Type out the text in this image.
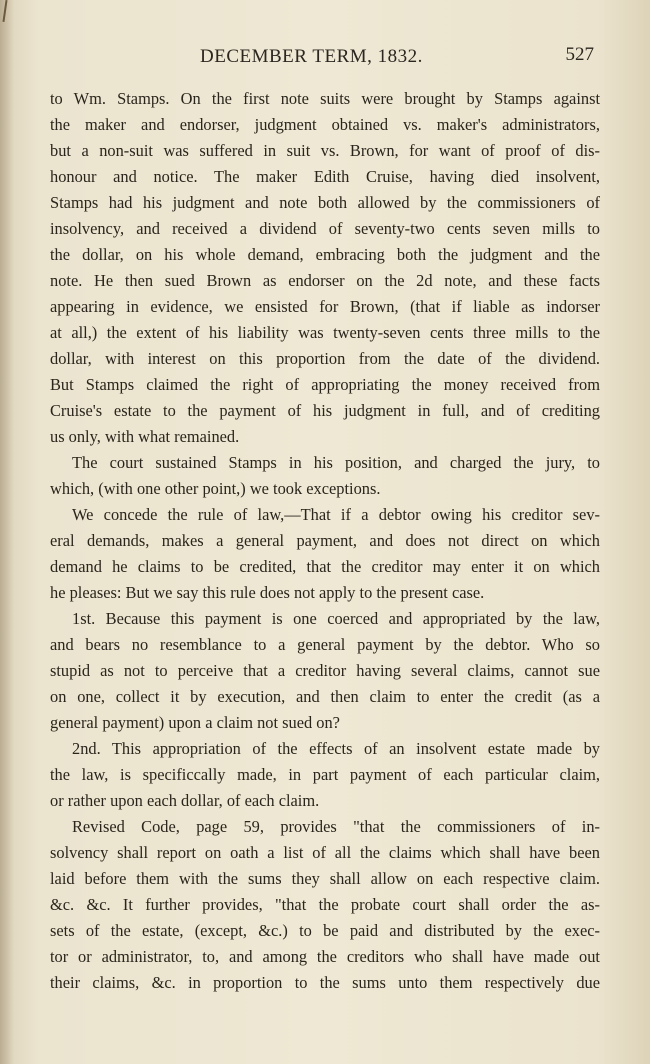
DECEMBER TERM, 1832.	527
to Wm. Stamps. On the first note suits were brought by Stamps against
the maker and endorser, judgment obtained vs. maker's administrators,
but a non-suit was suffered in suit vs. Brown, for want of proof of dis-
honour and notice. The maker Edith Cruise, having died insolvent,
Stamps had his judgment and note both allowed by the commissioners of
insolvency, and received a dividend of seventy-two cents seven mills to
the dollar, on his whole demand, embracing both the judgment and the
note. He then sued Brown as endorser on the 2d note, and these facts
appearing in evidence, we ensisted for Brown, (that if liable as indorser
at all,) the extent of his liability was twenty-seven cents three mills to the
dollar, with interest on this proportion from the date of the dividend.
But Stamps claimed the right of appropriating the money received from
Cruise's estate to the payment of his judgment in full, and of crediting
us only, with what remained.
The court sustained Stamps in his position, and charged the jury, to
which, (with one other point,) we took exceptions.
We concede the rule of law,—That if a debtor owing his creditor sev-
eral demands, makes a general payment, and does not direct on which
demand he claims to be credited, that the creditor may enter it on which
he pleases: But we say this rule does not apply to the present case.
1st. Because this payment is one coerced and appropriated by the law,
and bears no resemblance to a general payment by the debtor. Who so
stupid as not to perceive that a creditor having several claims, cannot sue
on one, collect it by execution, and then claim to enter the credit (as a
general payment) upon a claim not sued on?
2nd. This appropriation of the effects of an insolvent estate made by
the law, is specificcally made, in part payment of each particular claim,
or rather upon each dollar, of each claim.
Revised Code, page 59, provides "that the commissioners of in-
solvency shall report on oath a list of all the claims which shall have been
laid before them with the sums they shall allow on each respective claim.
&c. &c. It further provides, "that the probate court shall order the as-
sets of the estate, (except, &c.) to be paid and distributed by the exec-
tor or administrator, to, and among the creditors who shall have made out
their claims, &c. in proportion to the sums unto them respectively due
